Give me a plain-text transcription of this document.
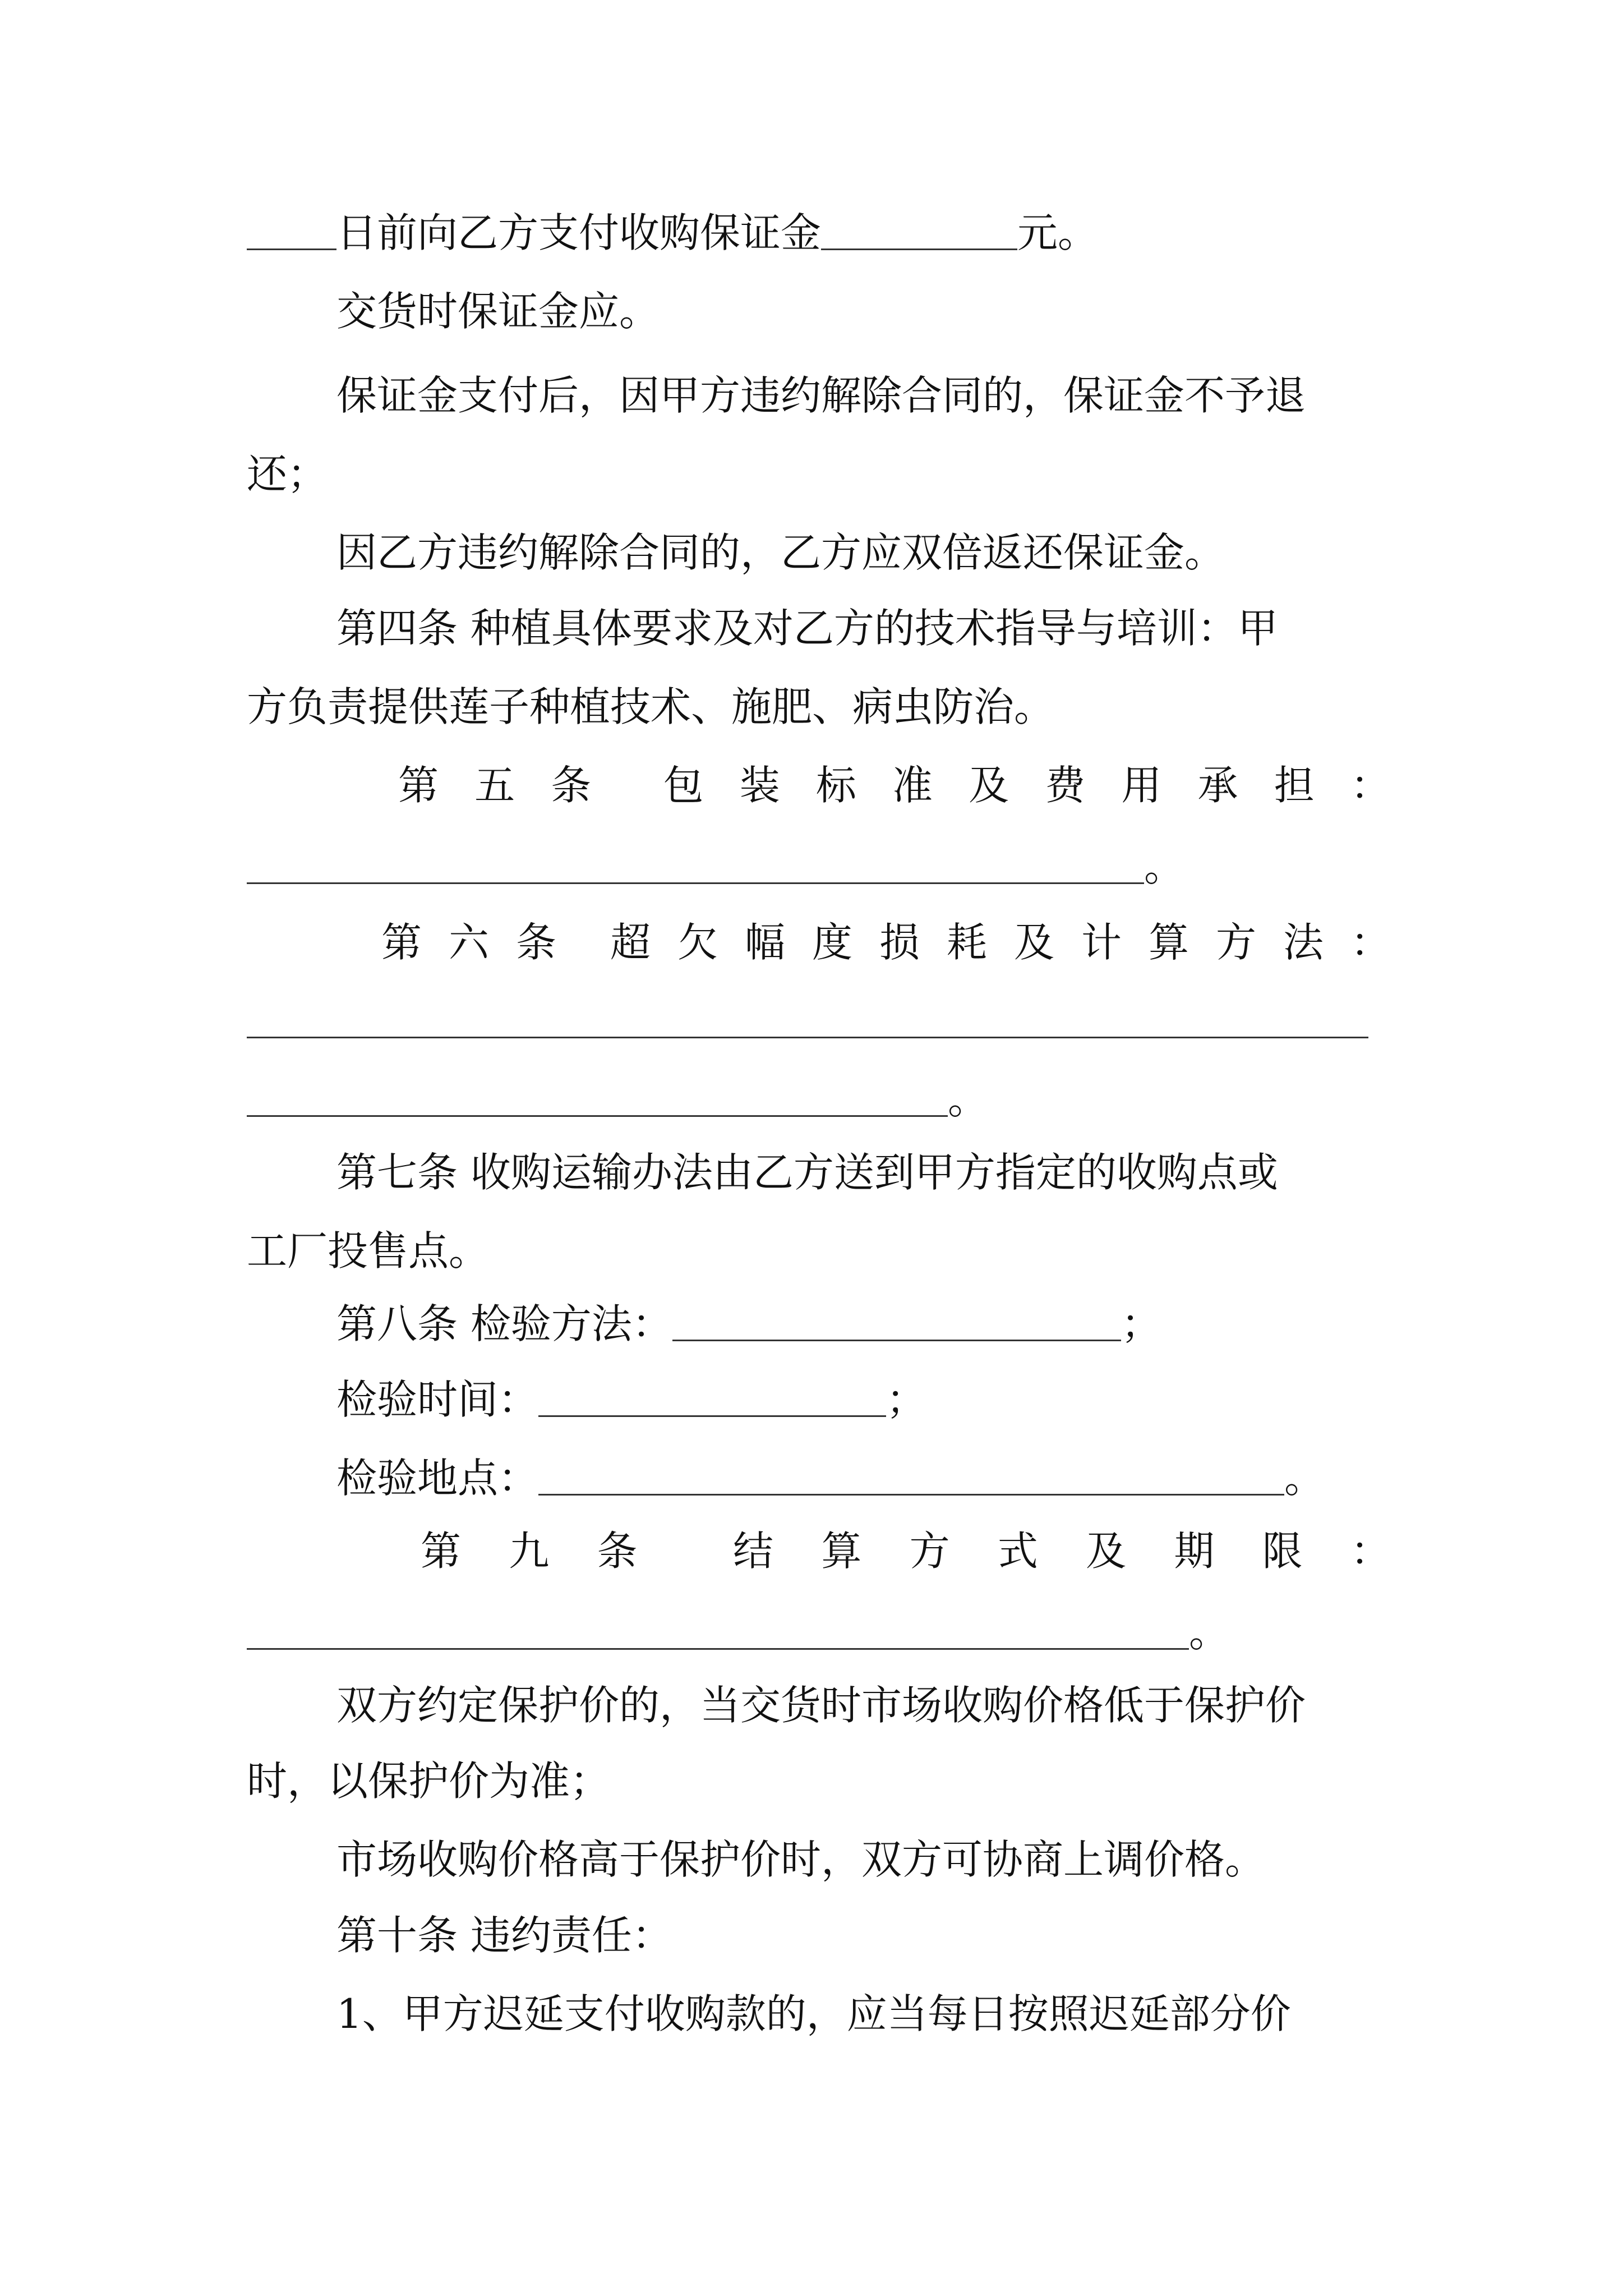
日前向乙方支付收购保证金	元。
交货时保证金应。
保证金支付后，因甲方违约解除合同的，保证金不予退
还；
因乙方违约解除合同的，乙方应双倍返还保证金。
第四条 种植具体要求及对乙方的技术指导与培训：甲
方负责提供莲子种植技术、施肥、病虫防治。
第 五 条 包 装 标 准 及 费 用 承 担 ：
。
第 六 条 超 欠 幅 度 损 耗 及 计 算 方 法 ：
。
第七条 收购运输办法由乙方送到甲方指定的收购点或
工厂投售点。
第八条 检验方法：	；
检验时间：	；
检验地点：	。
第 九 条 结 算 方 式 及 期 限 ：
。
双方约定保护价的，当交货时市场收购价格低于保护价
时，以保护价为准；
市场收购价格高于保护价时，双方可协商上调价格。
第十条 违约责任：
1、甲方迟延支付收购款的，应当每日按照迟延部分价
